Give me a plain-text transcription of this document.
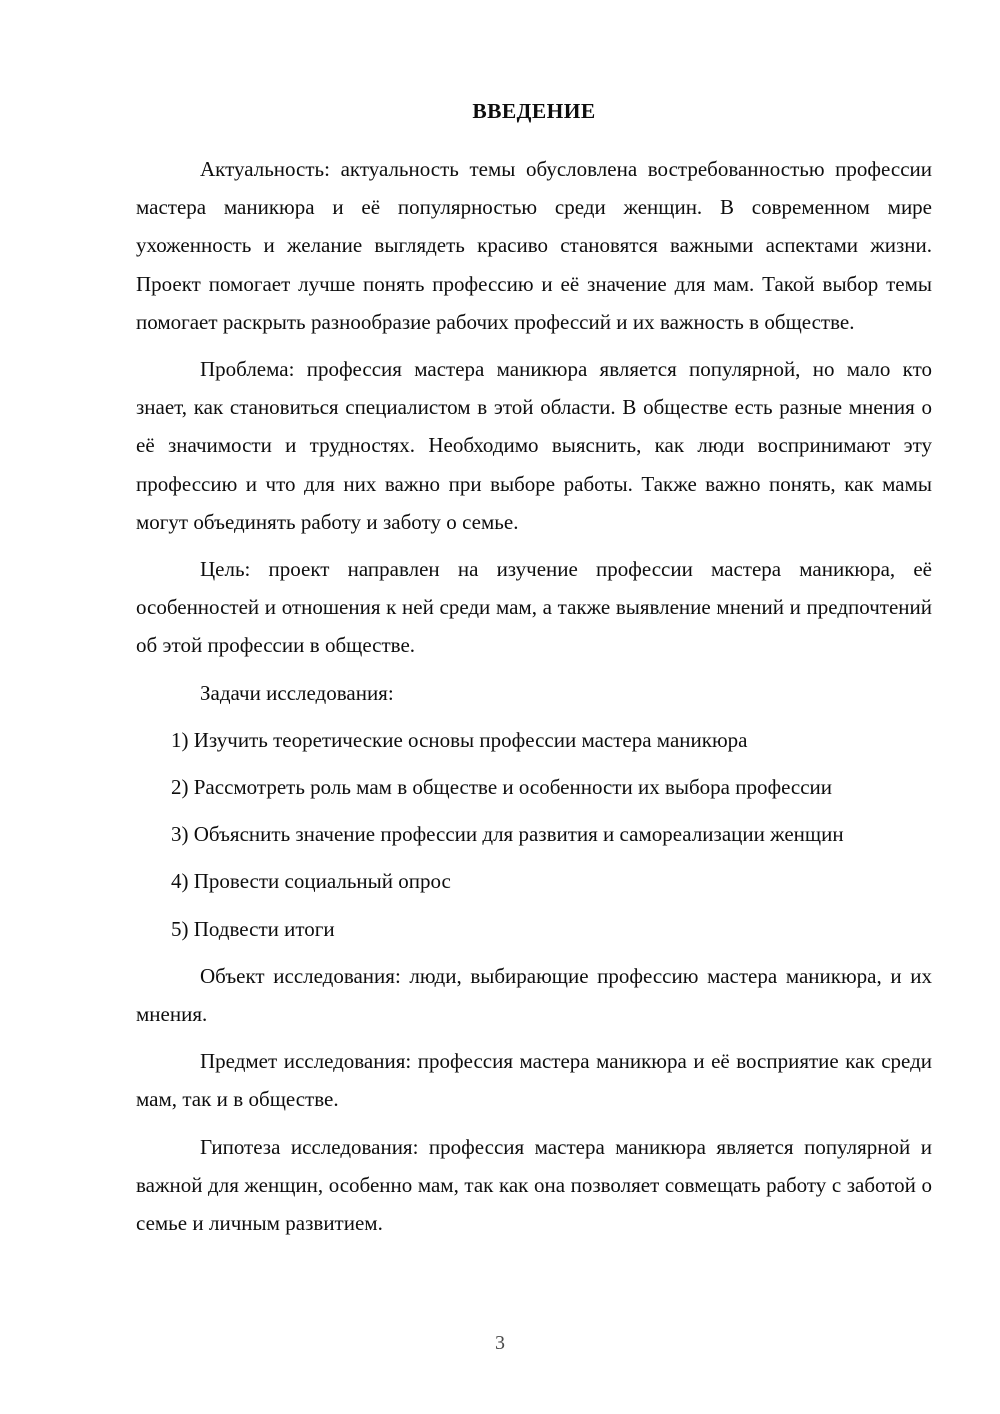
ВВЕДЕНИЕ

Актуальность: актуальность темы обусловлена востребованностью профессии мастера маникюра и её популярностью среди женщин. В современном мире ухоженность и желание выглядеть красиво становятся важными аспектами жизни. Проект помогает лучше понять профессию и её значение для мам. Такой выбор темы помогает раскрыть разнообразие рабочих профессий и их важность в обществе.

Проблема: профессия мастера маникюра является популярной, но мало кто знает, как становиться специалистом в этой области. В обществе есть разные мнения о её значимости и трудностях. Необходимо выяснить, как люди воспринимают эту профессию и что для них важно при выборе работы. Также важно понять, как мамы могут объединять работу и заботу о семье.

Цель: проект направлен на изучение профессии мастера маникюра, её особенностей и отношения к ней среди мам, а также выявление мнений и предпочтений об этой профессии в обществе.

Задачи исследования:

1) Изучить теоретические основы профессии мастера маникюра

2) Рассмотреть роль мам в обществе и особенности их выбора профессии

3) Объяснить значение профессии для развития и самореализации женщин

4) Провести социальный опрос

5) Подвести итоги

Объект исследования: люди, выбирающие профессию мастера маникюра, и их мнения.

Предмет исследования: профессия мастера маникюра и её восприятие как среди мам, так и в обществе.

Гипотеза исследования: профессия мастера маникюра является популярной и важной для женщин, особенно мам, так как она позволяет совмещать работу с заботой о семье и личным развитием.

3
